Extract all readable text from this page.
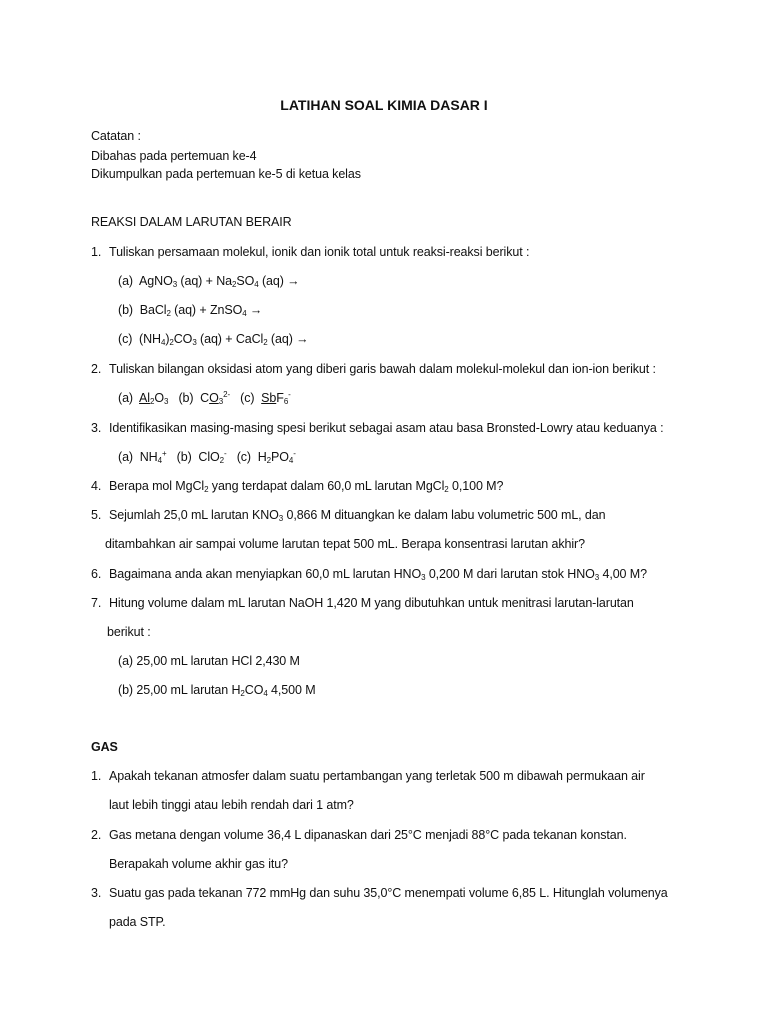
LATIHAN SOAL KIMIA DASAR I
Catatan :
Dibahas pada pertemuan ke-4
Dikumpulkan pada pertemuan ke-5 di ketua kelas
REAKSI DALAM LARUTAN BERAIR
1. Tuliskan persamaan molekul, ionik dan ionik total untuk reaksi-reaksi berikut :
(a) AgNO$_3$ $(aq) + Na_2SO_4$ (aq) →
(b) BaCl$_2$ (aq) + ZnSO$_4$ →
(c) $(NH_4)_2CO_3$ (aq) + CaCl$_2$ (aq) →
2. Tuliskan bilangan oksidasi atom yang diberi garis bawah dalam molekul-molekul dan ion-ion berikut :
(a) $Al_2O_3$ (b) $CO_3^{2-}$ (c) SbF$_6$-
3. Identifikasikan masing-masing spesi berikut sebagai asam atau basa Bronsted-Lowry atau keduanya :
(a) $NH_4^+$ (b) ClO$_2$- (c) $H_2PO_4^-$
4. Berapa mol MgCl$_2$ yang terdapat dalam 60,0 mL larutan MgCl$_2$ 0,100 M?
5. Sejumlah 25,0 mL larutan $KNO_3$ 0,866 M dituangkan ke dalam labu volumetric 500 mL, dan
ditambahkan air sampai volume larutan tepat 500 mL. Berapa konsentrasi larutan akhir?
6. Bagaimana anda akan menyiapkan 60,0 mL larutan $HNO_3$ 0,200 M dari larutan stok $HNO_3$ 4,00 M?
7. Hitung volume dalam mL larutan NaOH 1,420 M yang dibutuhkan untuk menitrasi larutan-larutan
berikut :
(a) 25,00 mL larutan HCl 2,430 M
(b) 25,00 mL larutan $H_2CO_4$ 4,500 M
GAS
1. Apakah tekanan atmosfer dalam suatu pertambangan yang terletak 500 m dibawah permukaan air
laut lebih tinggi atau lebih rendah dari 1 atm?
2. Gas metana dengan volume 36,4 L dipanaskan dari 25°C menjadi 88°C pada tekanan konstan.
Berapakah volume akhir gas itu?
3. Suatu gas pada tekanan 772 mmHg dan suhu 35,0°C menempati volume 6,85 L. Hitunglah volumenya
pada STP.
